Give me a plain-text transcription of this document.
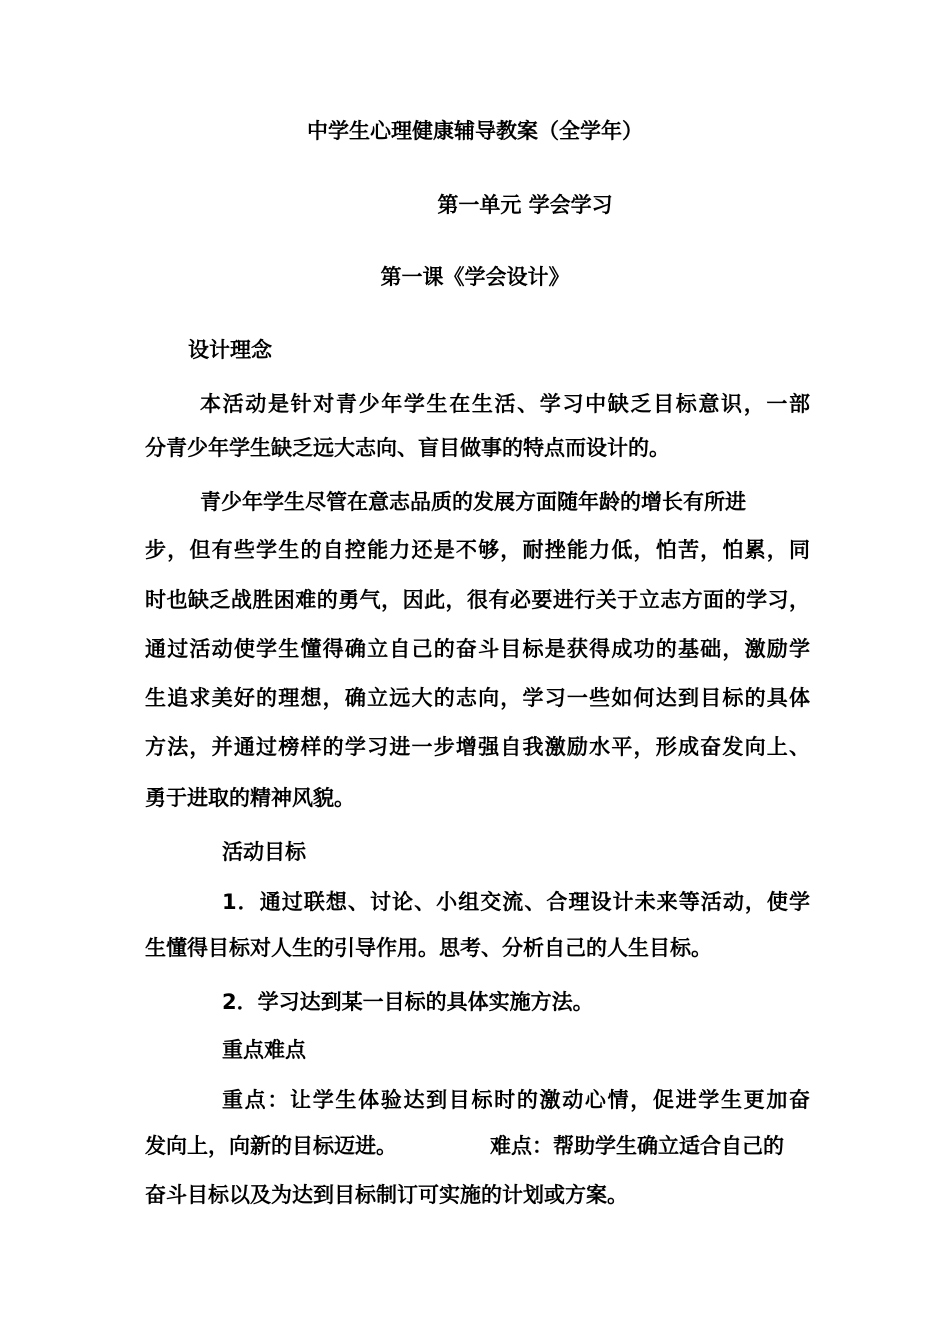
中学生心理健康辅导教案（全学年）

第一单元 学会学习

第一课《学会设计》

设计理念

本活动是针对青少年学生在生活、学习中缺乏目标意识，一部

分青少年学生缺乏远大志向、盲目做事的特点而设计的。

青少年学生尽管在意志品质的发展方面随年龄的增长有所进

步，但有些学生的自控能力还是不够，耐挫能力低，怕苦，怕累，同

时也缺乏战胜困难的勇气，因此，很有必要进行关于立志方面的学习，

通过活动使学生懂得确立自己的奋斗目标是获得成功的基础，激励学

生追求美好的理想，确立远大的志向，学习一些如何达到目标的具体

方法，并通过榜样的学习进一步增强自我激励水平，形成奋发向上、

勇于进取的精神风貌。

活动目标

1．通过联想、讨论、小组交流、合理设计未来等活动，使学

生懂得目标对人生的引导作用。思考、分析自己的人生目标。

2．学习达到某一目标的具体实施方法。

重点难点

重点：让学生体验达到目标时的激动心情，促进学生更加奋

发向上，向新的目标迈进。	难点：帮助学生确立适合自己的

奋斗目标以及为达到目标制订可实施的计划或方案。
